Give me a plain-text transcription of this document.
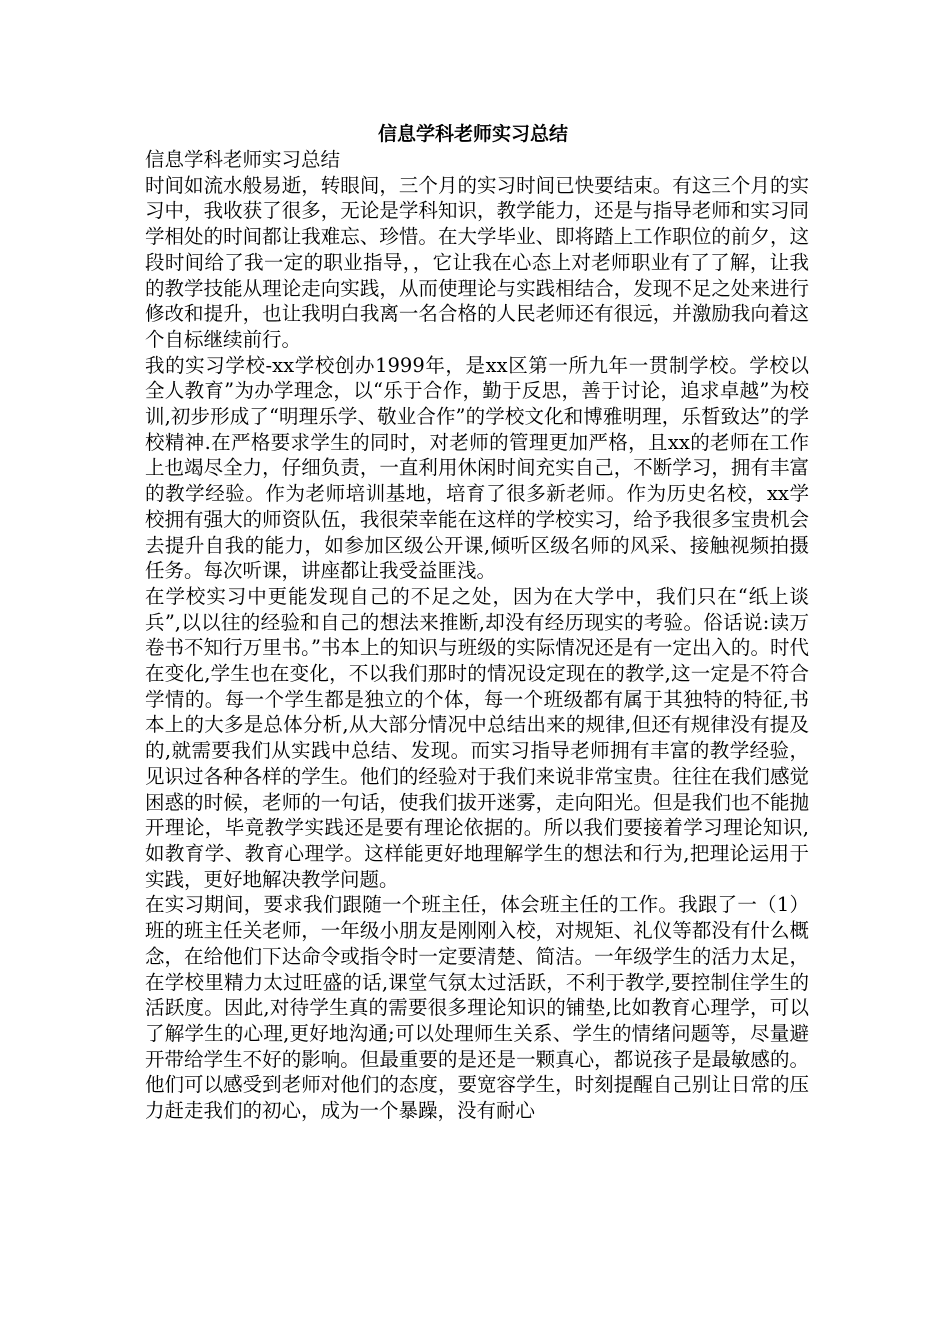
信息学科老师实习总结

信息学科老师实习总结

时间如流水般易逝，转眼间，三个月的实习时间已快要结束。有这三个月的实习中，我收获了很多，无论是学科知识，教学能力，还是与指导老师和实习同学相处的时间都让我难忘、珍惜。在大学毕业、即将踏上工作职位的前夕，这段时间给了我一定的职业指导，，它让我在心态上对老师职业有了了解，让我的教学技能从理论走向实践，从而使理论与实践相结合，发现不足之处来进行修改和提升，也让我明白我离一名合格的人民老师还有很远，并激励我向着这个自标继续前行。

我的实习学校-xx学校创办1999年，是xx区第一所九年一贯制学校。学校以全人教育”为办学理念，以“乐于合作，勤于反思，善于讨论，追求卓越”为校训,初步形成了“明理乐学、敬业合作”的学校文化和博雅明理，乐晳致达”的学校精神.在严格要求学生的同时，对老师的管理更加严格，且xx的老师在工作上也竭尽全力，仔细负责，一直利用休闲时间充实自己，不断学习，拥有丰富的教学经验。作为老师培训基地，培育了很多新老师。作为历史名校，xx学校拥有强大的师资队伍，我很荣幸能在这样的学校实习，给予我很多宝贵机会去提升自我的能力，如参加区级公开课,倾听区级名师的风采、接触视频拍摄任务。每次听课，讲座都让我受益匪浅。

在学校实习中更能发现自己的不足之处，因为在大学中，我们只在“纸上谈兵”,以以往的经验和自己的想法来推断,却没有经历现实的考验。俗话说:读万卷书不知行万里书。”书本上的知识与班级的实际情况还是有一定出入的。时代在变化,学生也在变化，不以我们那时的情况设定现在的教学,这一定是不符合学情的。每一个学生都是独立的个体，每一个班级都有属于其独特的特征,书本上的大多是总体分析,从大部分情况中总结出来的规律,但还有规律没有提及的,就需要我们从实践中总结、发现。而实习指导老师拥有丰富的教学经验，见识过各种各样的学生。他们的经验对于我们来说非常宝贵。往往在我们感觉困惑的时候，老师的一句话，使我们拔开迷雾，走向阳光。但是我们也不能抛开理论，毕竟教学实践还是要有理论依据的。所以我们要接着学习理论知识,如教育学、教育心理学。这样能更好地理解学生的想法和行为,把理论运用于实践，更好地解决教学问题。

在实习期间，要求我们跟随一个班主任，体会班主任的工作。我跟了一（1）班的班主任关老师，一年级小朋友是刚刚入校，对规矩、礼仪等都没有什么概念，在给他们下达命令或指令时一定要清楚、简洁。一年级学生的活力太足，在学校里精力太过旺盛的话,课堂气氛太过活跃，不利于教学,要控制住学生的活跃度。因此,对待学生真的需要很多理论知识的铺垫,比如教育心理学，可以了解学生的心理,更好地沟通;可以处理师生关系、学生的情绪问题等，尽量避开带给学生不好的影响。但最重要的是还是一颗真心，都说孩子是最敏感的。他们可以感受到老师对他们的态度，要宽容学生，时刻提醒自己别让日常的压力赶走我们的初心，成为一个暴躁，没有耐心
